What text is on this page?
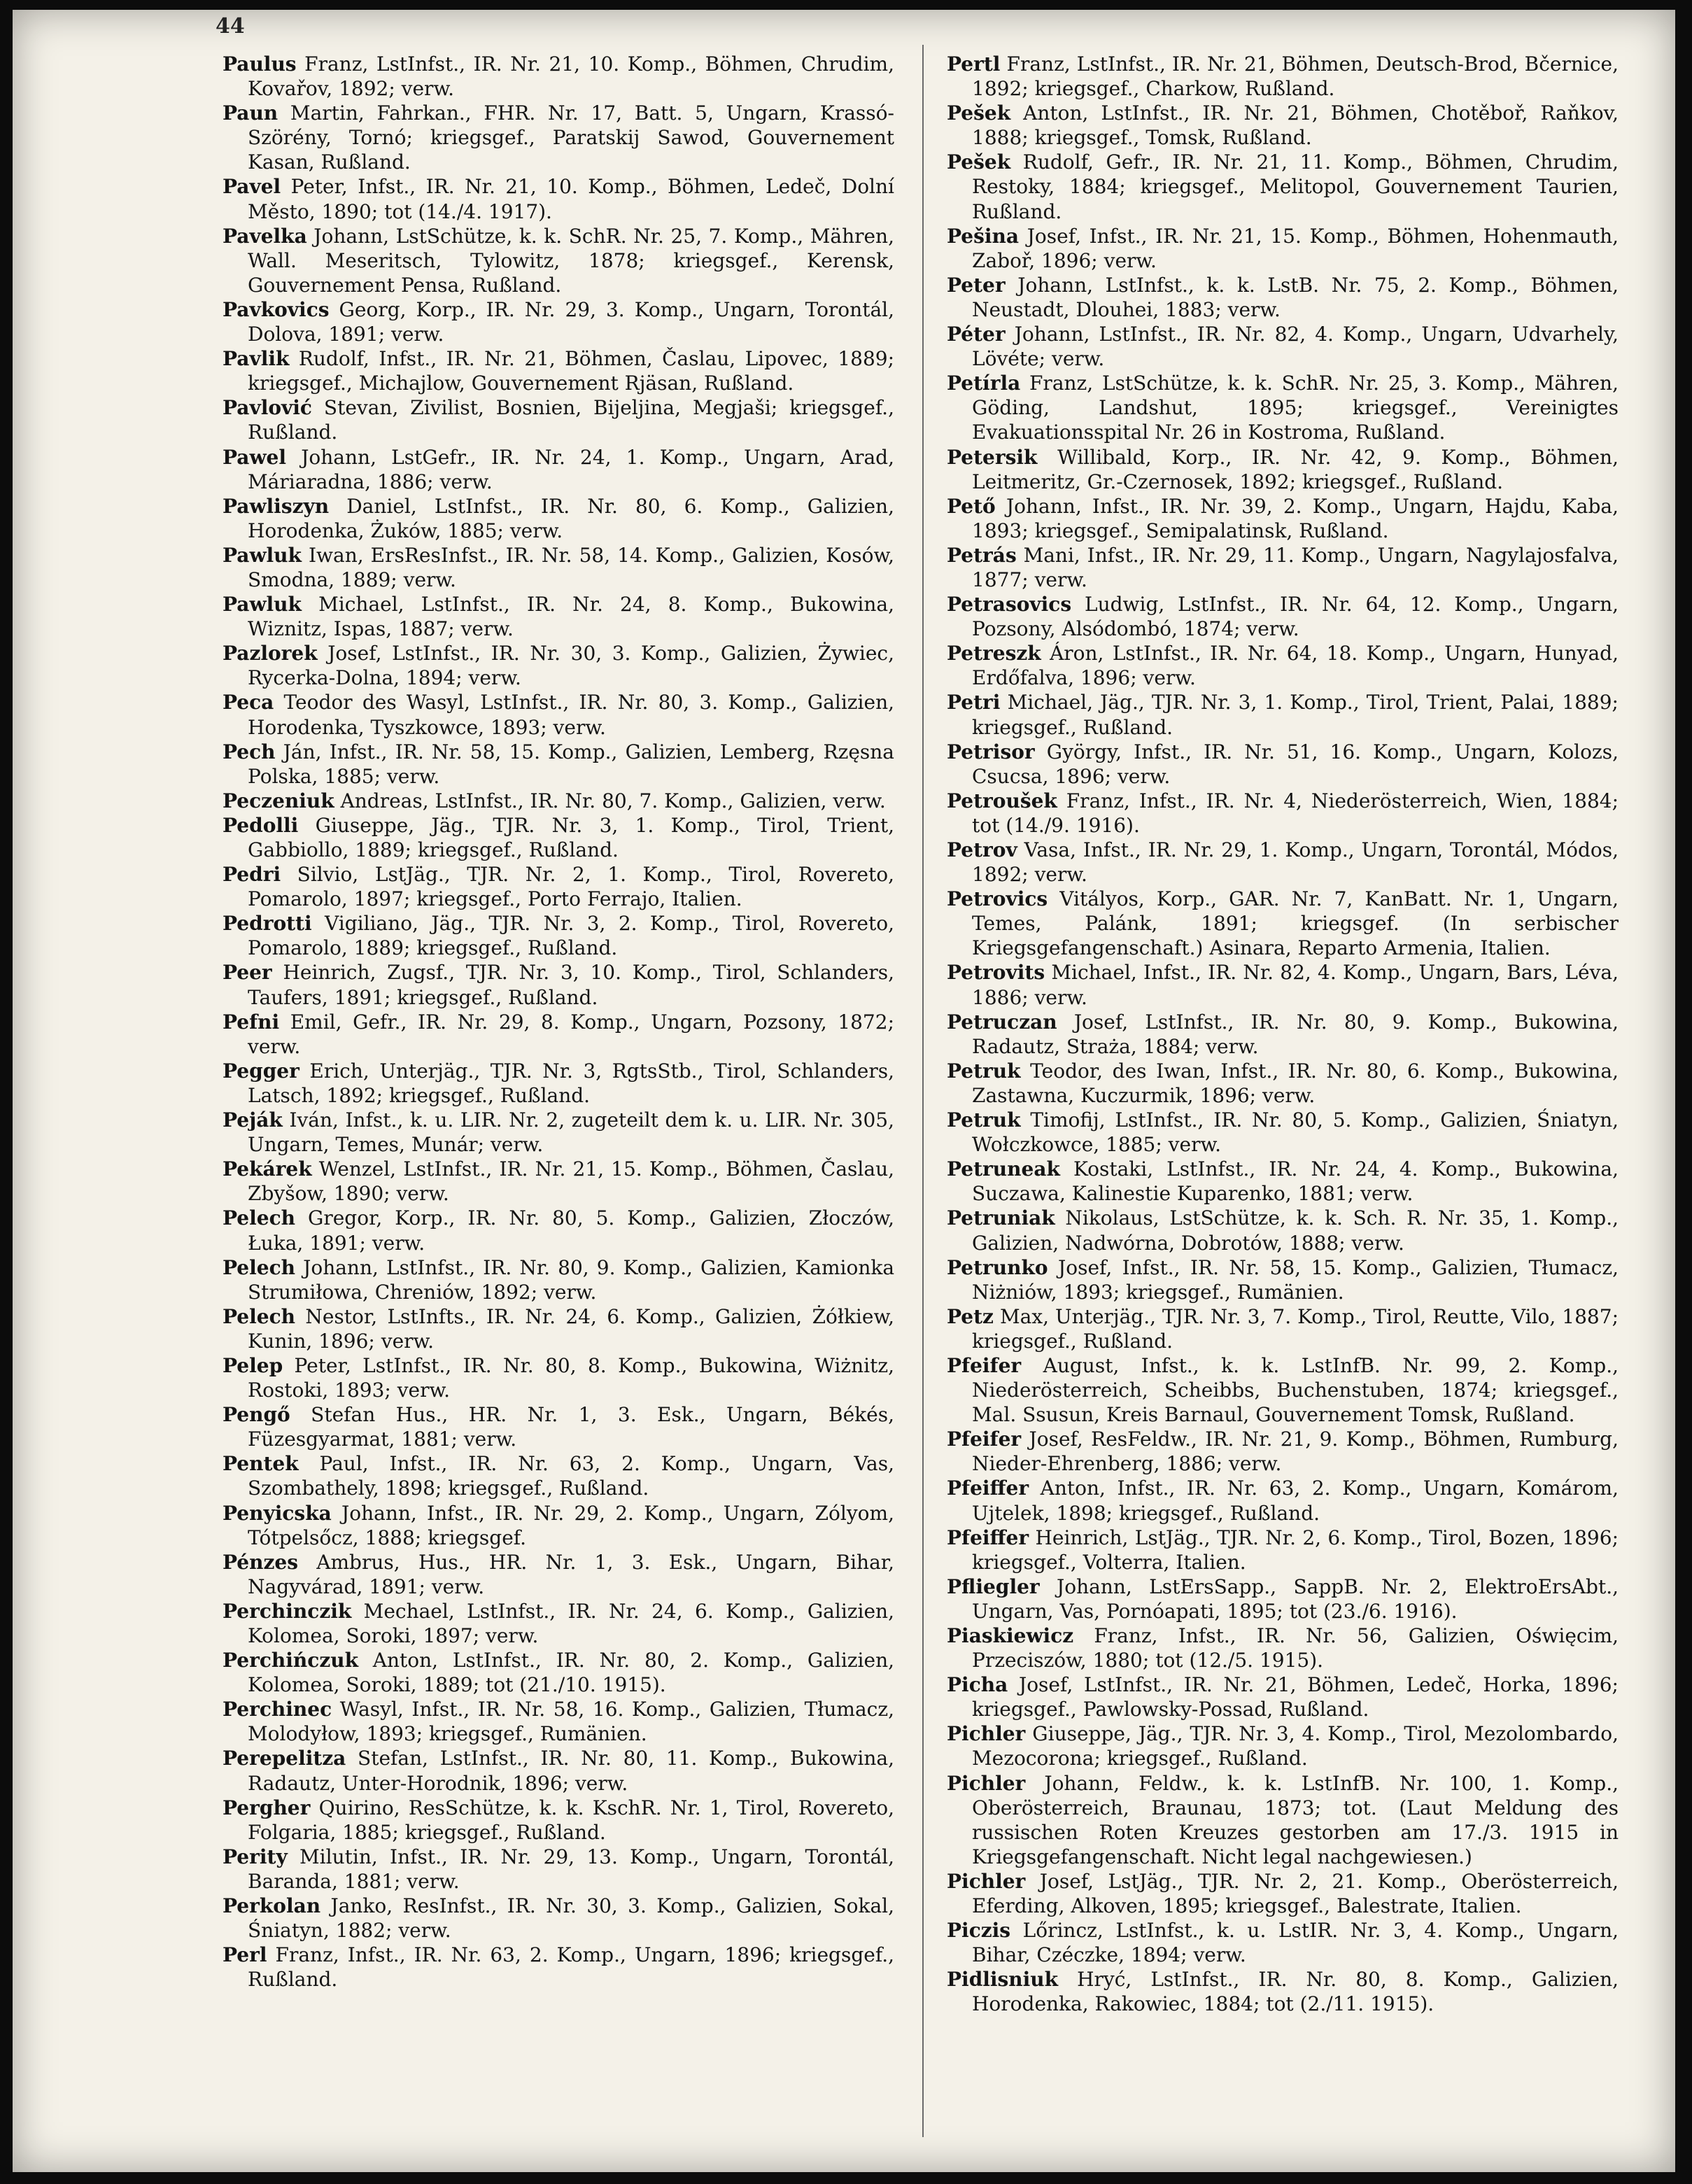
44

Paulus Franz, LstInfst., IR. Nr. 21, 10. Komp., Böhmen, Chrudim, Kovařov, 1892; verw.

Paun Martin, Fahrkan., FHR. Nr. 17, Batt. 5, Ungarn, Krassó-Szörény, Tornó; kriegsgef., Paratskij Sawod, Gouvernement Kasan, Rußland.

Pavel Peter, Infst., IR. Nr. 21, 10. Komp., Böhmen, Ledeč, Dolní Město, 1890; tot (14./4. 1917).

Pavelka Johann, LstSchütze, k. k. SchR. Nr. 25, 7. Komp., Mähren, Wall. Meseritsch, Tylowitz, 1878; kriegsgef., Kerensk, Gouvernement Pensa, Rußland.

Pavkovics Georg, Korp., IR. Nr. 29, 3. Komp., Ungarn, Torontál, Dolova, 1891; verw.

Pavlik Rudolf, Infst., IR. Nr. 21, Böhmen, Časlau, Lipovec, 1889; kriegsgef., Michajlow, Gouvernement Rjäsan, Rußland.

Pavlović Stevan, Zivilist, Bosnien, Bijeljina, Megjaši; kriegsgef., Rußland.

Pawel Johann, LstGefr., IR. Nr. 24, 1. Komp., Ungarn, Arad, Máriaradna, 1886; verw.

Pawliszyn Daniel, LstInfst., IR. Nr. 80, 6. Komp., Galizien, Horodenka, Żuków, 1885; verw.

Pawluk Iwan, ErsResInfst., IR. Nr. 58, 14. Komp., Galizien, Kosów, Smodna, 1889; verw.

Pawluk Michael, LstInfst., IR. Nr. 24, 8. Komp., Bukowina, Wiznitz, Ispas, 1887; verw.

Pazlorek Josef, LstInfst., IR. Nr. 30, 3. Komp., Galizien, Żywiec, Rycerka-Dolna, 1894; verw.

Peca Teodor des Wasyl, LstInfst., IR. Nr. 80, 3. Komp., Galizien, Horodenka, Tyszkowce, 1893; verw.

Pech Ján, Infst., IR. Nr. 58, 15. Komp., Galizien, Lemberg, Rzęsna Polska, 1885; verw.

Peczeniuk Andreas, LstInfst., IR. Nr. 80, 7. Komp., Galizien, verw.

Pedolli Giuseppe, Jäg., TJR. Nr. 3, 1. Komp., Tirol, Trient, Gabbiollo, 1889; kriegsgef., Rußland.

Pedri Silvio, LstJäg., TJR. Nr. 2, 1. Komp., Tirol, Rovereto, Pomarolo, 1897; kriegsgef., Porto Ferrajo, Italien.

Pedrotti Vigiliano, Jäg., TJR. Nr. 3, 2. Komp., Tirol, Rovereto, Pomarolo, 1889; kriegsgef., Rußland.

Peer Heinrich, Zugsf., TJR. Nr. 3, 10. Komp., Tirol, Schlanders, Taufers, 1891; kriegsgef., Rußland.

Pefni Emil, Gefr., IR. Nr. 29, 8. Komp., Ungarn, Pozsony, 1872; verw.

Pegger Erich, Unterjäg., TJR. Nr. 3, RgtsStb., Tirol, Schlanders, Latsch, 1892; kriegsgef., Rußland.

Peják Iván, Infst., k. u. LIR. Nr. 2, zugeteilt dem k. u. LIR. Nr. 305, Ungarn, Temes, Munár; verw.

Pekárek Wenzel, LstInfst., IR. Nr. 21, 15. Komp., Böhmen, Časlau, Zbyšow, 1890; verw.

Pelech Gregor, Korp., IR. Nr. 80, 5. Komp., Galizien, Złoczów, Łuka, 1891; verw.

Pelech Johann, LstInfst., IR. Nr. 80, 9. Komp., Galizien, Kamionka Strumiłowa, Chreniów, 1892; verw.

Pelech Nestor, LstInfts., IR. Nr. 24, 6. Komp., Galizien, Żółkiew, Kunin, 1896; verw.

Pelep Peter, LstInfst., IR. Nr. 80, 8. Komp., Bukowina, Wiżnitz, Rostoki, 1893; verw.

Pengő Stefan Hus., HR. Nr. 1, 3. Esk., Ungarn, Békés, Füzesgyarmat, 1881; verw.

Pentek Paul, Infst., IR. Nr. 63, 2. Komp., Ungarn, Vas, Szombathely, 1898; kriegsgef., Rußland.

Penyicska Johann, Infst., IR. Nr. 29, 2. Komp., Ungarn, Zólyom, Tótpelsőcz, 1888; kriegsgef.

Pénzes Ambrus, Hus., HR. Nr. 1, 3. Esk., Ungarn, Bihar, Nagyvárad, 1891; verw.

Perchinczik Mechael, LstInfst., IR. Nr. 24, 6. Komp., Galizien, Kolomea, Soroki, 1897; verw.

Perchińczuk Anton, LstInfst., IR. Nr. 80, 2. Komp., Galizien, Kolomea, Soroki, 1889; tot (21./10. 1915).

Perchinec Wasyl, Infst., IR. Nr. 58, 16. Komp., Galizien, Tłumacz, Molodyłow, 1893; kriegsgef., Rumänien.

Perepelitza Stefan, LstInfst., IR. Nr. 80, 11. Komp., Bukowina, Radautz, Unter-Horodnik, 1896; verw.

Pergher Quirino, ResSchütze, k. k. KschR. Nr. 1, Tirol, Rovereto, Folgaria, 1885; kriegsgef., Rußland.

Perity Milutin, Infst., IR. Nr. 29, 13. Komp., Ungarn, Torontál, Baranda, 1881; verw.

Perkolan Janko, ResInfst., IR. Nr. 30, 3. Komp., Galizien, Sokal, Śniatyn, 1882; verw.

Perl Franz, Infst., IR. Nr. 63, 2. Komp., Ungarn, 1896; kriegsgef., Rußland.

Pertl Franz, LstInfst., IR. Nr. 21, Böhmen, Deutsch-Brod, Bčernice, 1892; kriegsgef., Charkow, Rußland.

Pešek Anton, LstInfst., IR. Nr. 21, Böhmen, Chotěboř, Raňkov, 1888; kriegsgef., Tomsk, Rußland.

Pešek Rudolf, Gefr., IR. Nr. 21, 11. Komp., Böhmen, Chrudim, Restoky, 1884; kriegsgef., Melitopol, Gouvernement Taurien, Rußland.

Pešina Josef, Infst., IR. Nr. 21, 15. Komp., Böhmen, Hohenmauth, Zaboř, 1896; verw.

Peter Johann, LstInfst., k. k. LstB. Nr. 75, 2. Komp., Böhmen, Neustadt, Dlouhei, 1883; verw.

Péter Johann, LstInfst., IR. Nr. 82, 4. Komp., Ungarn, Udvarhely, Lövéte; verw.

Petírla Franz, LstSchütze, k. k. SchR. Nr. 25, 3. Komp., Mähren, Göding, Landshut, 1895; kriegsgef., Vereinigtes Evakuationsspital Nr. 26 in Kostroma, Rußland.

Petersik Willibald, Korp., IR. Nr. 42, 9. Komp., Böhmen, Leitmeritz, Gr.-Czernosek, 1892; kriegsgef., Rußland.

Pető Johann, Infst., IR. Nr. 39, 2. Komp., Ungarn, Hajdu, Kaba, 1893; kriegsgef., Semipalatinsk, Rußland.

Petrás Mani, Infst., IR. Nr. 29, 11. Komp., Ungarn, Nagylajosfalva, 1877; verw.

Petrasovics Ludwig, LstInfst., IR. Nr. 64, 12. Komp., Ungarn, Pozsony, Alsódombó, 1874; verw.

Petreszk Áron, LstInfst., IR. Nr. 64, 18. Komp., Ungarn, Hunyad, Erdőfalva, 1896; verw.

Petri Michael, Jäg., TJR. Nr. 3, 1. Komp., Tirol, Trient, Palai, 1889; kriegsgef., Rußland.

Petrisor György, Infst., IR. Nr. 51, 16. Komp., Ungarn, Kolozs, Csucsa, 1896; verw.

Petroušek Franz, Infst., IR. Nr. 4, Niederösterreich, Wien, 1884; tot (14./9. 1916).

Petrov Vasa, Infst., IR. Nr. 29, 1. Komp., Ungarn, Torontál, Módos, 1892; verw.

Petrovics Vitályos, Korp., GAR. Nr. 7, KanBatt. Nr. 1, Ungarn, Temes, Palánk, 1891; kriegsgef. (In serbischer Kriegsgefangenschaft.) Asinara, Reparto Armenia, Italien.

Petrovits Michael, Infst., IR. Nr. 82, 4. Komp., Ungarn, Bars, Léva, 1886; verw.

Petruczan Josef, LstInfst., IR. Nr. 80, 9. Komp., Bukowina, Radautz, Straża, 1884; verw.

Petruk Teodor, des Iwan, Infst., IR. Nr. 80, 6. Komp., Bukowina, Zastawna, Kuczurmik, 1896; verw.

Petruk Timofij, LstInfst., IR. Nr. 80, 5. Komp., Galizien, Śniatyn, Wołczkowce, 1885; verw.

Petruneak Kostaki, LstInfst., IR. Nr. 24, 4. Komp., Bukowina, Suczawa, Kalinestie Kuparenko, 1881; verw.

Petruniak Nikolaus, LstSchütze, k. k. Sch. R. Nr. 35, 1. Komp., Galizien, Nadwórna, Dobrotów, 1888; verw.

Petrunko Josef, Infst., IR. Nr. 58, 15. Komp., Galizien, Tłumacz, Niżniów, 1893; kriegsgef., Rumänien.

Petz Max, Unterjäg., TJR. Nr. 3, 7. Komp., Tirol, Reutte, Vilo, 1887; kriegsgef., Rußland.

Pfeifer August, Infst., k. k. LstInfB. Nr. 99, 2. Komp., Niederösterreich, Scheibbs, Buchenstuben, 1874; kriegsgef., Mal. Ssusun, Kreis Barnaul, Gouvernement Tomsk, Rußland.

Pfeifer Josef, ResFeldw., IR. Nr. 21, 9. Komp., Böhmen, Rumburg, Nieder-Ehrenberg, 1886; verw.

Pfeiffer Anton, Infst., IR. Nr. 63, 2. Komp., Ungarn, Komárom, Ujtelek, 1898; kriegsgef., Rußland.

Pfeiffer Heinrich, LstJäg., TJR. Nr. 2, 6. Komp., Tirol, Bozen, 1896; kriegsgef., Volterra, Italien.

Pfliegler Johann, LstErsSapp., SappB. Nr. 2, ElektroErsAbt., Ungarn, Vas, Pornóapati, 1895; tot (23./6. 1916).

Piaskiewicz Franz, Infst., IR. Nr. 56, Galizien, Oświęcim, Przeciszów, 1880; tot (12./5. 1915).

Picha Josef, LstInfst., IR. Nr. 21, Böhmen, Ledeč, Horka, 1896; kriegsgef., Pawlowsky-Possad, Rußland.

Pichler Giuseppe, Jäg., TJR. Nr. 3, 4. Komp., Tirol, Mezolombardo, Mezocorona; kriegsgef., Rußland.

Pichler Johann, Feldw., k. k. LstInfB. Nr. 100, 1. Komp., Oberösterreich, Braunau, 1873; tot. (Laut Meldung des russischen Roten Kreuzes gestorben am 17./3. 1915 in Kriegsgefangenschaft. Nicht legal nachgewiesen.)

Pichler Josef, LstJäg., TJR. Nr. 2, 21. Komp., Oberösterreich, Eferding, Alkoven, 1895; kriegsgef., Balestrate, Italien.

Piczis Lőrincz, LstInfst., k. u. LstIR. Nr. 3, 4. Komp., Ungarn, Bihar, Czéczke, 1894; verw.

Pidlisniuk Hryć, LstInfst., IR. Nr. 80, 8. Komp., Galizien, Horodenka, Rakowiec, 1884; tot (2./11. 1915).
